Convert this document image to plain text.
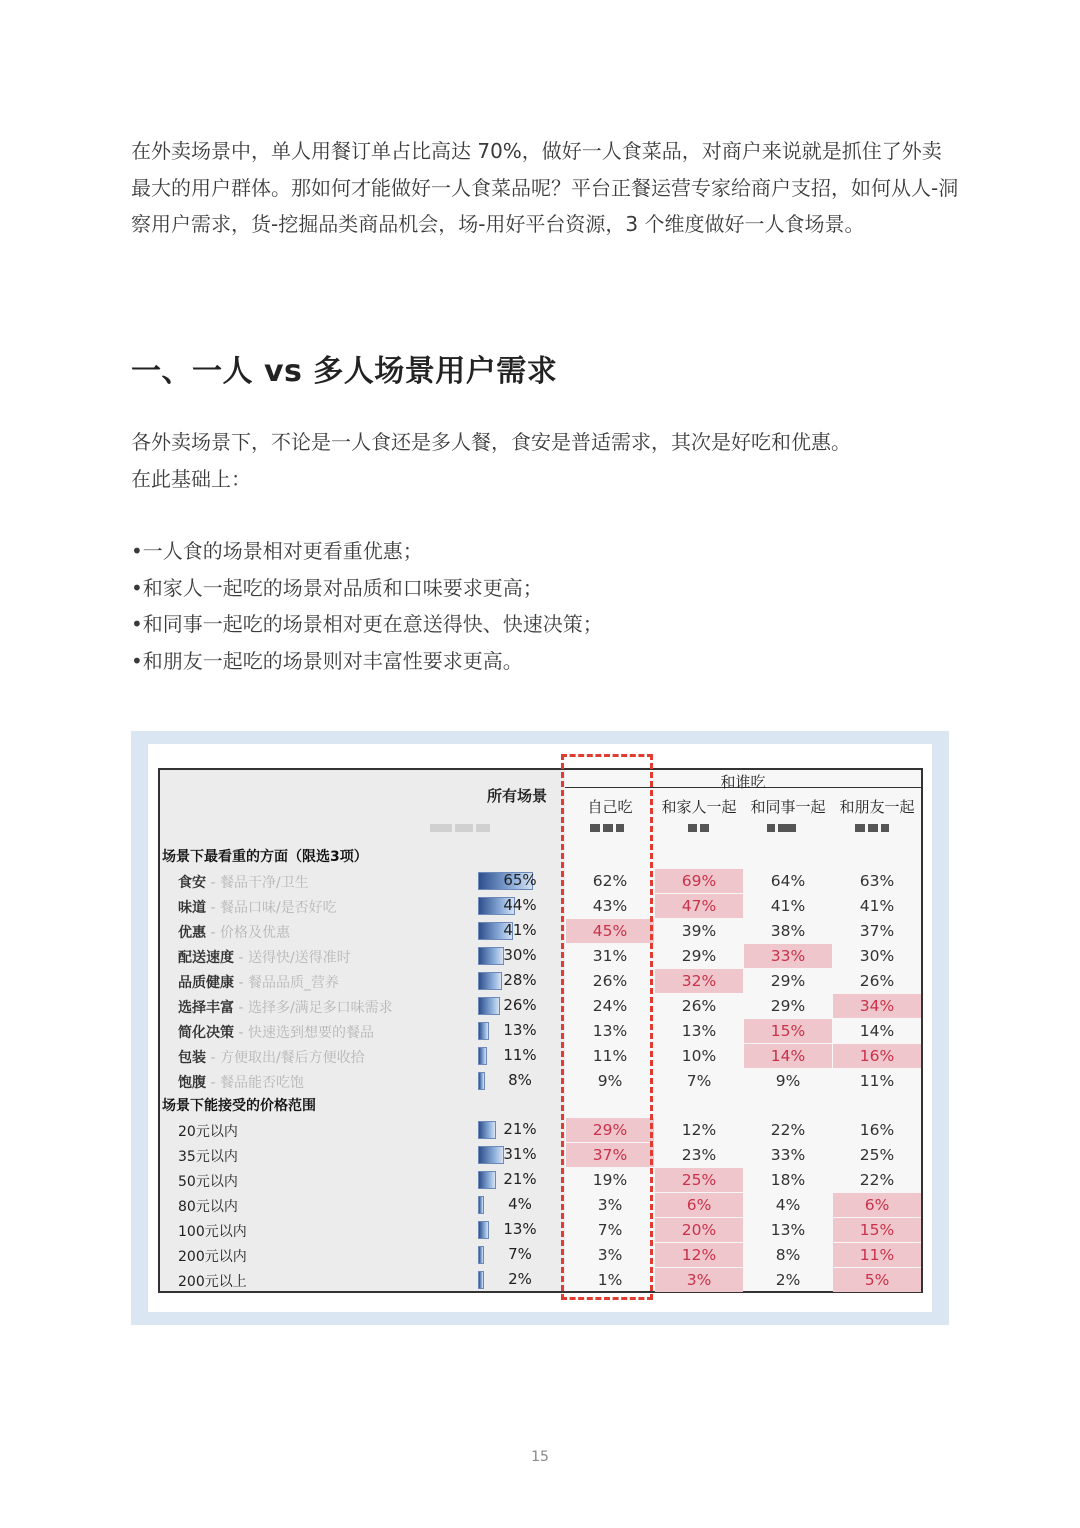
在外卖场景中，单人用餐订单占比高达 70%，做好一人食菜品，对商户来说就是抓住了外卖最大的用户群体。那如何才能做好一人食菜品呢？平台正餐运营专家给商户支招，如何从人-洞察用户需求，货-挖掘品类商品机会，场-用好平台资源，3 个维度做好一人食场景。

一、一人 vs 多人场景用户需求

各外卖场景下，不论是一人食还是多人餐，食安是普适需求，其次是好吃和优惠。
在此基础上：

• 一人食的场景相对更看重优惠；
• 和家人一起吃的场景对品质和口味要求更高；
• 和同事一起吃的场景相对更在意送得快、快速决策；
• 和朋友一起吃的场景则对丰富性要求更高。
所有场景
和谁吃
自己吃	和家人一起 和同事一起 和朋友一起
场景下最看重的方面（限选3项）
食安 - 餐品干净/卫生	65%	62%	69%	64%	63%
味道 - 餐品口味/是否好吃	44%	43%	47%	41%	41%
优惠 - 价格及优惠	41%	45%	39%	38%	37%
配送速度 - 送得快/送得准时	30%	31%	29%	33%	30%
品质健康 - 餐品品质_营养	28%	26%	32%	29%	26%
选择丰富 - 选择多/满足多口味需求	26%	24%	26%	29%	34%
简化决策 - 快速选到想要的餐品	13%	13%	13%	15%	14%
包装 - 方便取出/餐后方便收拾	11%	11%	10%	14%	16%
饱腹 - 餐品能否吃饱	8%	9%	7%	9%	11%
场景下能接受的价格范围
20元以内	21%	29%	12%	22%	16%
35元以内	31%	37%	23%	33%	25%
50元以内	21%	19%	25%	18%	22%
80元以内	4%	3%	6%	4%	6%
100元以内	13%	7%	20%	13%	15%
200元以内	7%	3%	12%	8%	11%
200元以上	2%	1%	3%	2%	5%
15
